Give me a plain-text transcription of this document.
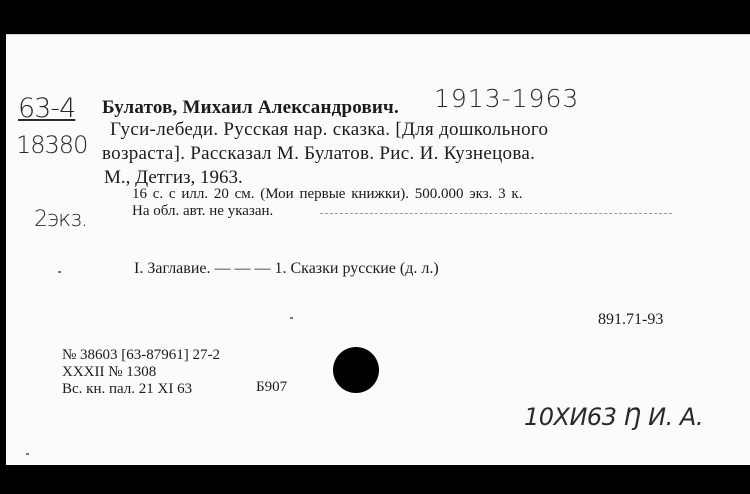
63-4
18380
2экз.
Булатов, Михаил Александрович. 1913-1963
Гуси-лебеди. Русская нар. сказка. [Для дошкольного
возраста]. Рассказал М. Булатов. Рис. И. Кузнецова.
М., Детгиз, 1963.
16 с. с илл. 20 см. (Мои первые книжки). 500.000 экз. 3 к.
На обл. авт. не указан.
I. Заглавие. — — — 1. Сказки русские (д. л.)
891.71-93
№ 38603 [63-87961] 27-2
XXXII № 1308
Вс. кн. пал. 21 XI 63	Б907
10XИ63 Ŋ И. А.
